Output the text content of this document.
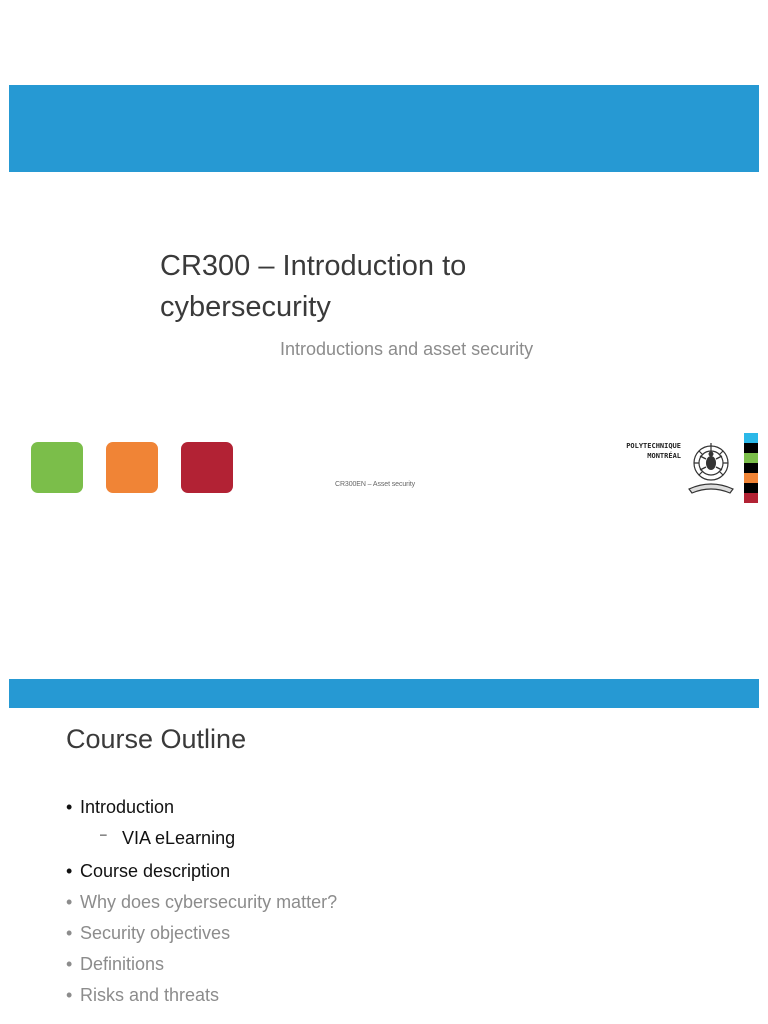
CR300 – Introduction to cybersecurity

Introductions and asset security

CR300EN – Asset security
POLYTECHNIQUE
MONTRÉAL
Course Outline
• Introduction
– VIA eLearning
• Course description
• Why does cybersecurity matter?
• Security objectives
• Definitions
• Risks and threats
